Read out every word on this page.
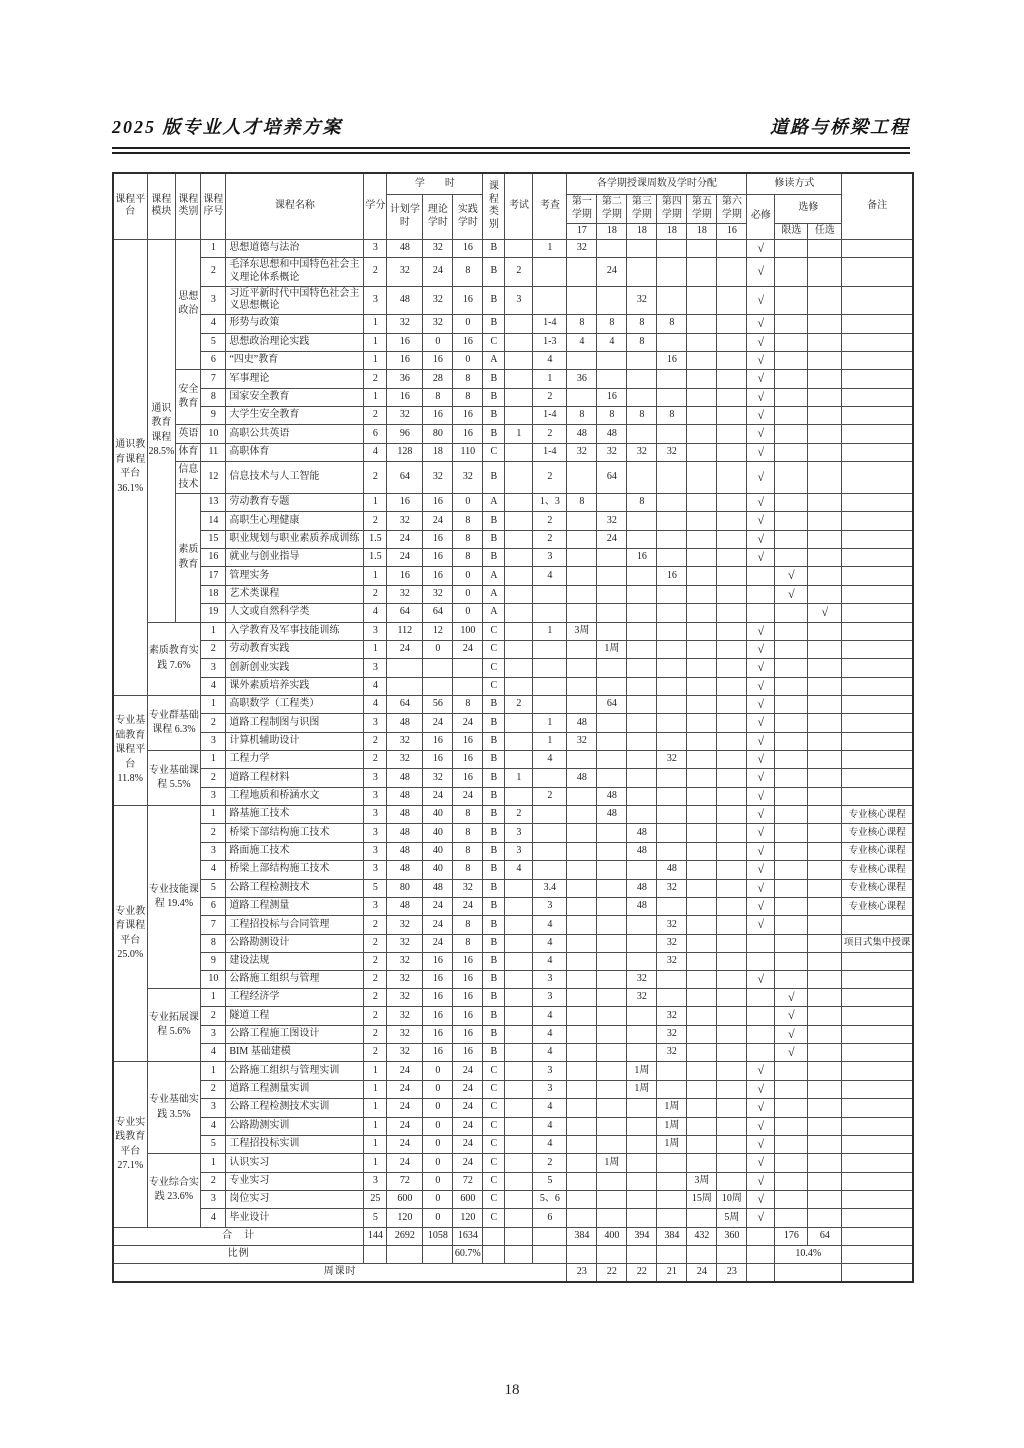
2025 版专业人才培养方案	道路与桥梁工程
课程平台	课程模块	课程类别	课程序号	课程名称	学分	学　　时			课程类别	考试	考查	各学期授课周数及学时分配						修读方式			备注
						计划学时	理论学时	实践学时				第一学期	第二学期	第三学期	第四学期	第五学期	第六学期	必修	选修		
												17	18	18	18	18	16		限选	任选	
通识教育课程平台 36.1%	通识教育课程 28.5%	思想政治	1	思想道德与法治	3	48	32	16	B		1	32						√			
			2	毛泽东思想和中国特色社会主义理论体系概论	2	32	24	8	B	2			24					√			
			3	习近平新时代中国特色社会主义思想概论	3	48	32	16	B	3				32				√			
			4	形势与政策	1	32	32	0	B		1-4	8	8	8	8			√			
			5	思想政治理论实践	1	16	0	16	C		1-3	4	4	8				√			
			6	“四史”教育	1	16	16	0	A		4				16			√			
		安全教育	7	军事理论	2	36	28	8	B		1	36						√			
			8	国家安全教育	1	16	8	8	B		2		16					√			
			9	大学生安全教育	2	32	16	16	B		1-4	8	8	8	8			√			
		英语	10	高职公共英语	6	96	80	16	B	1	2	48	48					√			
		体育	11	高职体育	4	128	18	110	C		1-4	32	32	32	32			√			
		信息技术	12	信息技术与人工智能	2	64	32	32	B		2		64					√			
		素质教育	13	劳动教育专题	1	16	16	0	A		1、3	8		8				√			
			14	高职生心理健康	2	32	24	8	B		2		32					√			
			15	职业规划与职业素质养成训练	1.5	24	16	8	B		2		24					√			
			16	就业与创业指导	1.5	24	16	8	B		3			16				√			
			17	管理实务	1	16	16	0	A		4				16				√		
			18	艺术类课程	2	32	32	0	A										√		
			19	人文或自然科学类	4	64	64	0	A											√	
	素质教育实践 7.6%		1	入学教育及军事技能训练	3	112	12	100	C		1	3周						√			
			2	劳动教育实践	1	24	0	24	C				1周					√			
			3	创新创业实践	3				C									√			
			4	课外素质培养实践	4				C									√			
专业基础教育课程平台 11.8%	专业群基础课程 6.3%		1	高职数学（工程类）	4	64	56	8	B	2			64					√			
			2	道路工程制图与识图	3	48	24	24	B		1	48						√			
			3	计算机辅助设计	2	32	16	16	B		1	32						√			
	专业基础课程 5.5%		1	工程力学	2	32	16	16	B		4				32			√			
			2	道路工程材料	3	48	32	16	B	1		48						√			
			3	工程地质和桥涵水文	3	48	24	24	B		2		48					√			
专业教育课程平台 25.0%	专业技能课程 19.4%		1	路基施工技术	3	48	40	8	B	2			48					√			专业核心课程
			2	桥梁下部结构施工技术	3	48	40	8	B	3				48				√			专业核心课程
			3	路面施工技术	3	48	40	8	B	3				48				√			专业核心课程
			4	桥梁上部结构施工技术	3	48	40	8	B	4					48			√			专业核心课程
			5	公路工程检测技术	5	80	48	32	B		3.4			48	32			√			专业核心课程
			6	道路工程测量	3	48	24	24	B		3			48				√			专业核心课程
			7	工程招投标与合同管理	2	32	24	8	B		4				32			√			
			8	公路勘测设计	2	32	24	8	B		4				32						项目式集中授课
			9	建设法规	2	32	16	16	B		4				32						
			10	公路施工组织与管理	2	32	16	16	B		3			32				√			
	专业拓展课程 5.6%		1	工程经济学	2	32	16	16	B		3			32					√		
			2	隧道工程	2	32	16	16	B		4				32				√		
			3	公路工程施工图设计	2	32	16	16	B		4				32				√		
			4	BIM 基础建模	2	32	16	16	B		4				32				√		
专业实践教育平台 27.1%	专业基础实践 3.5%		1	公路施工组织与管理实训	1	24	0	24	C		3			1周				√			
			2	道路工程测量实训	1	24	0	24	C		3			1周				√			
			3	公路工程检测技术实训	1	24	0	24	C		4				1周			√			
			4	公路勘测实训	1	24	0	24	C		4				1周			√			
			5	工程招投标实训	1	24	0	24	C		4				1周			√			
	专业综合实践 23.6%		1	认识实习	1	24	0	24	C		2		1周					√			
			2	专业实习	3	72	0	72	C		5					3周		√			
			3	岗位实习	25	600	0	600	C		5、6					15周	10周	√			
			4	毕业设计	5	120	0	120	C		6						5周	√			
合　计					144	2692	1058	1634				384	400	394	384	432	360		176	64	
比例								60.7%											10.4%		
周课时												23	22	22	21	24	23				
18
